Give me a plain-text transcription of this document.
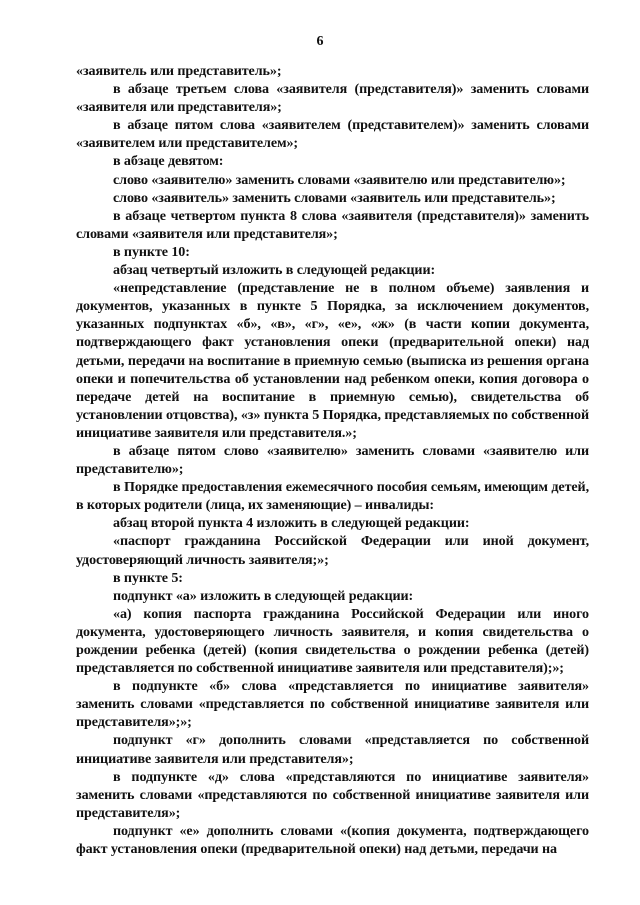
6

«заявитель или представитель»;

в абзаце третьем слова «заявителя (представителя)» заменить словами «заявителя или представителя»;

в абзаце пятом слова «заявителем (представителем)» заменить словами «заявителем или представителем»;

в абзаце девятом:

слово «заявителю» заменить словами «заявителю или представителю»;

слово «заявитель» заменить словами «заявитель или представитель»;

в абзаце четвертом пункта 8 слова «заявителя (представителя)» заменить словами «заявителя или представителя»;

в пункте 10:

абзац четвертый изложить в следующей редакции:

«непредставление (представление не в полном объеме) заявления и документов, указанных в пункте 5 Порядка, за исключением документов, указанных подпунктах «б», «в», «г», «е», «ж» (в части копии документа, подтверждающего факт установления опеки (предварительной опеки) над детьми, передачи на воспитание в приемную семью (выписка из решения органа опеки и попечительства об установлении над ребенком опеки, копия договора о передаче детей на воспитание в приемную семью), свидетельства об установлении отцовства), «з» пункта 5 Порядка, представляемых по собственной инициативе заявителя или представителя.»;

в абзаце пятом слово «заявителю» заменить словами «заявителю или представителю»;

в Порядке предоставления ежемесячного пособия семьям, имеющим детей, в которых родители (лица, их заменяющие) – инвалиды:

абзац второй пункта 4 изложить в следующей редакции:

«паспорт гражданина Российской Федерации или иной документ, удостоверяющий личность заявителя;»;

в пункте 5:

подпункт «а» изложить в следующей редакции:

«а) копия паспорта гражданина Российской Федерации или иного документа, удостоверяющего личность заявителя, и копия свидетельства о рождении ребенка (детей) (копия свидетельства о рождении ребенка (детей) представляется по собственной инициативе заявителя или представителя);»;

в подпункте «б» слова «представляется по инициативе заявителя» заменить словами «представляется по собственной инициативе заявителя или представителя»;»;

подпункт «г» дополнить словами «представляется по собственной инициативе заявителя или представителя»;

в подпункте «д» слова «представляются по инициативе заявителя» заменить словами «представляются по собственной инициативе заявителя или представителя»;

подпункт «е» дополнить словами «(копия документа, подтверждающего факт установления опеки (предварительной опеки) над детьми, передачи на
